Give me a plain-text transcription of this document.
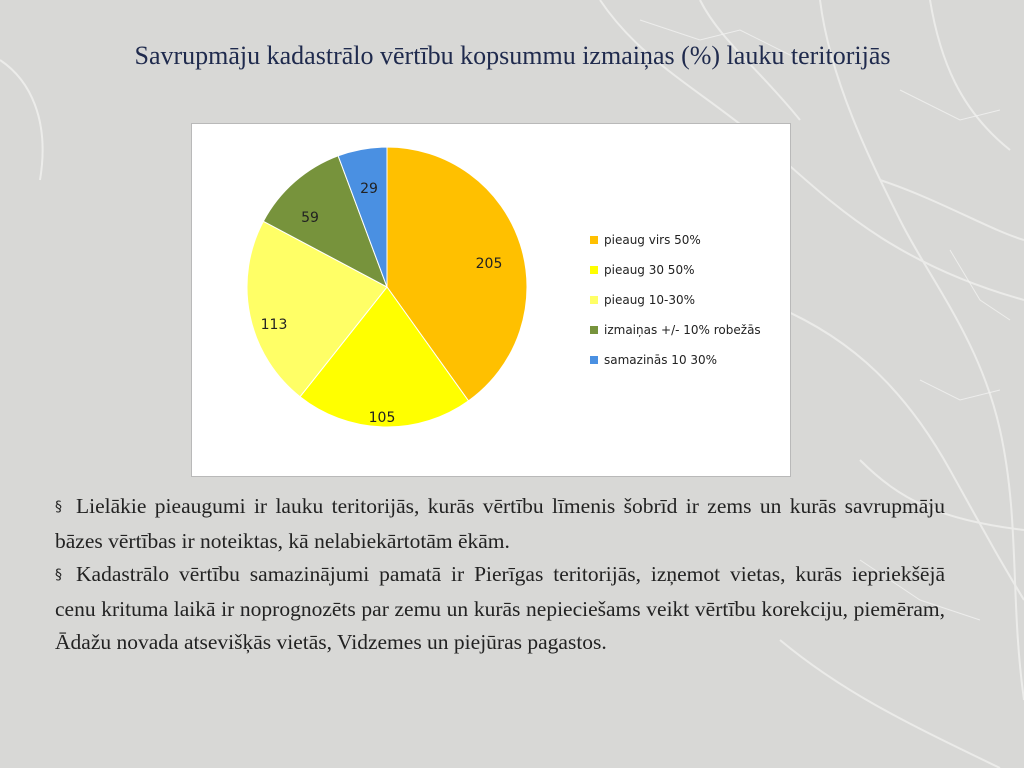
Savrupmāju kadastrālo vērtību kopsummu izmaiņas (%) lauku teritorijās
205
105
113
59
29
pieaug virs 50%
pieaug 30 50%
pieaug 10-30%
izmaiņas +/- 10% robežās
samazinās 10 30%

§ Lielākie pieaugumi ir lauku teritorijās, kurās vērtību līmenis šobrīd ir zems un kurās savrupmāju bāzes vērtības ir noteiktas, kā nelabiekārtotām ēkām.

§ Kadastrālo vērtību samazinājumi pamatā ir Pierīgas teritorijās, izņemot vietas, kurās iepriekšējā cenu krituma laikā ir noprognozēts par zemu un kurās nepieciešams veikt vērtību korekciju, piemēram, Ādažu novada atsevišķās vietās, Vidzemes un piejūras pagastos.
